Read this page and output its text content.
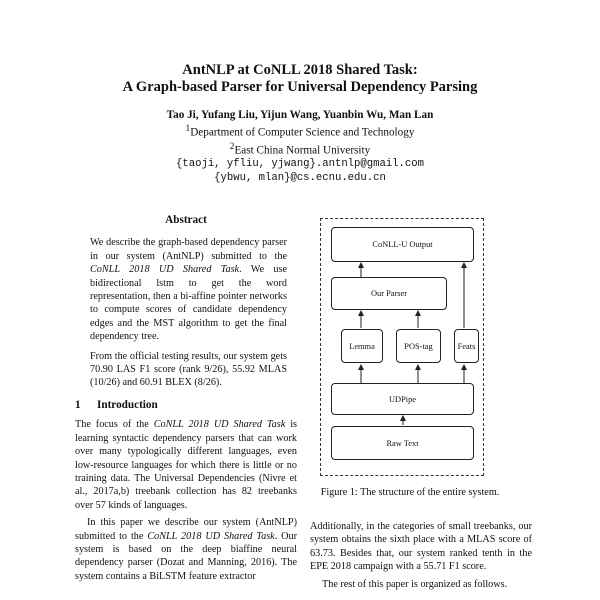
AntNLP at CoNLL 2018 Shared Task:
A Graph-based Parser for Universal Dependency Parsing
Tao Ji, Yufang Liu, Yijun Wang, Yuanbin Wu, Man Lan
$^1$Department of Computer Science and Technology
$^2$East China Normal University
{taoji, yfliu, yjwang}.antnlp@gmail.com
{ybwu, mlan}@cs.ecnu.edu.cn
Abstract

We describe the graph-based dependency parser in our system (AntNLP) submitted to the CoNLL 2018 UD Shared Task. We use bidirectional lstm to get the word representation, then a bi-affine pointer networks to compute scores of candidate dependency edges and the MST algorithm to get the final dependency tree.

From the official testing results, our system gets 70.90 LAS F1 score (rank 9/26), 55.92 MLAS (10/26) and 60.91 BLEX (8/26).

1 Introduction

The focus of the CoNLL 2018 UD Shared Task is learning syntactic dependency parsers that can work over many typologically different languages, even low-resource languages for which there is little or no training data. The Universal Dependencies (Nivre et al., 2017a,b) treebank collection has 82 treebanks over 57 kinds of languages.

In this paper we describe our system (AntNLP) submitted to the CoNLL 2018 UD Shared Task. Our system is based on the deep biaffine neural dependency parser (Dozat and Manning, 2016). The system contains a BiLSTM feature extractor

CoNLL-U Output
Our Parser
Lemma	POS-tag	Feats
UDPipe
Raw Text
Figure 1: The structure of the entire system.

Additionally, in the categories of small treebanks, our system obtains the sixth place with a MLAS score of 63.73. Besides that, our system ranked tenth in the EPE 2018 campaign with a 55.71 F1 score.

The rest of this paper is organized as follows.
